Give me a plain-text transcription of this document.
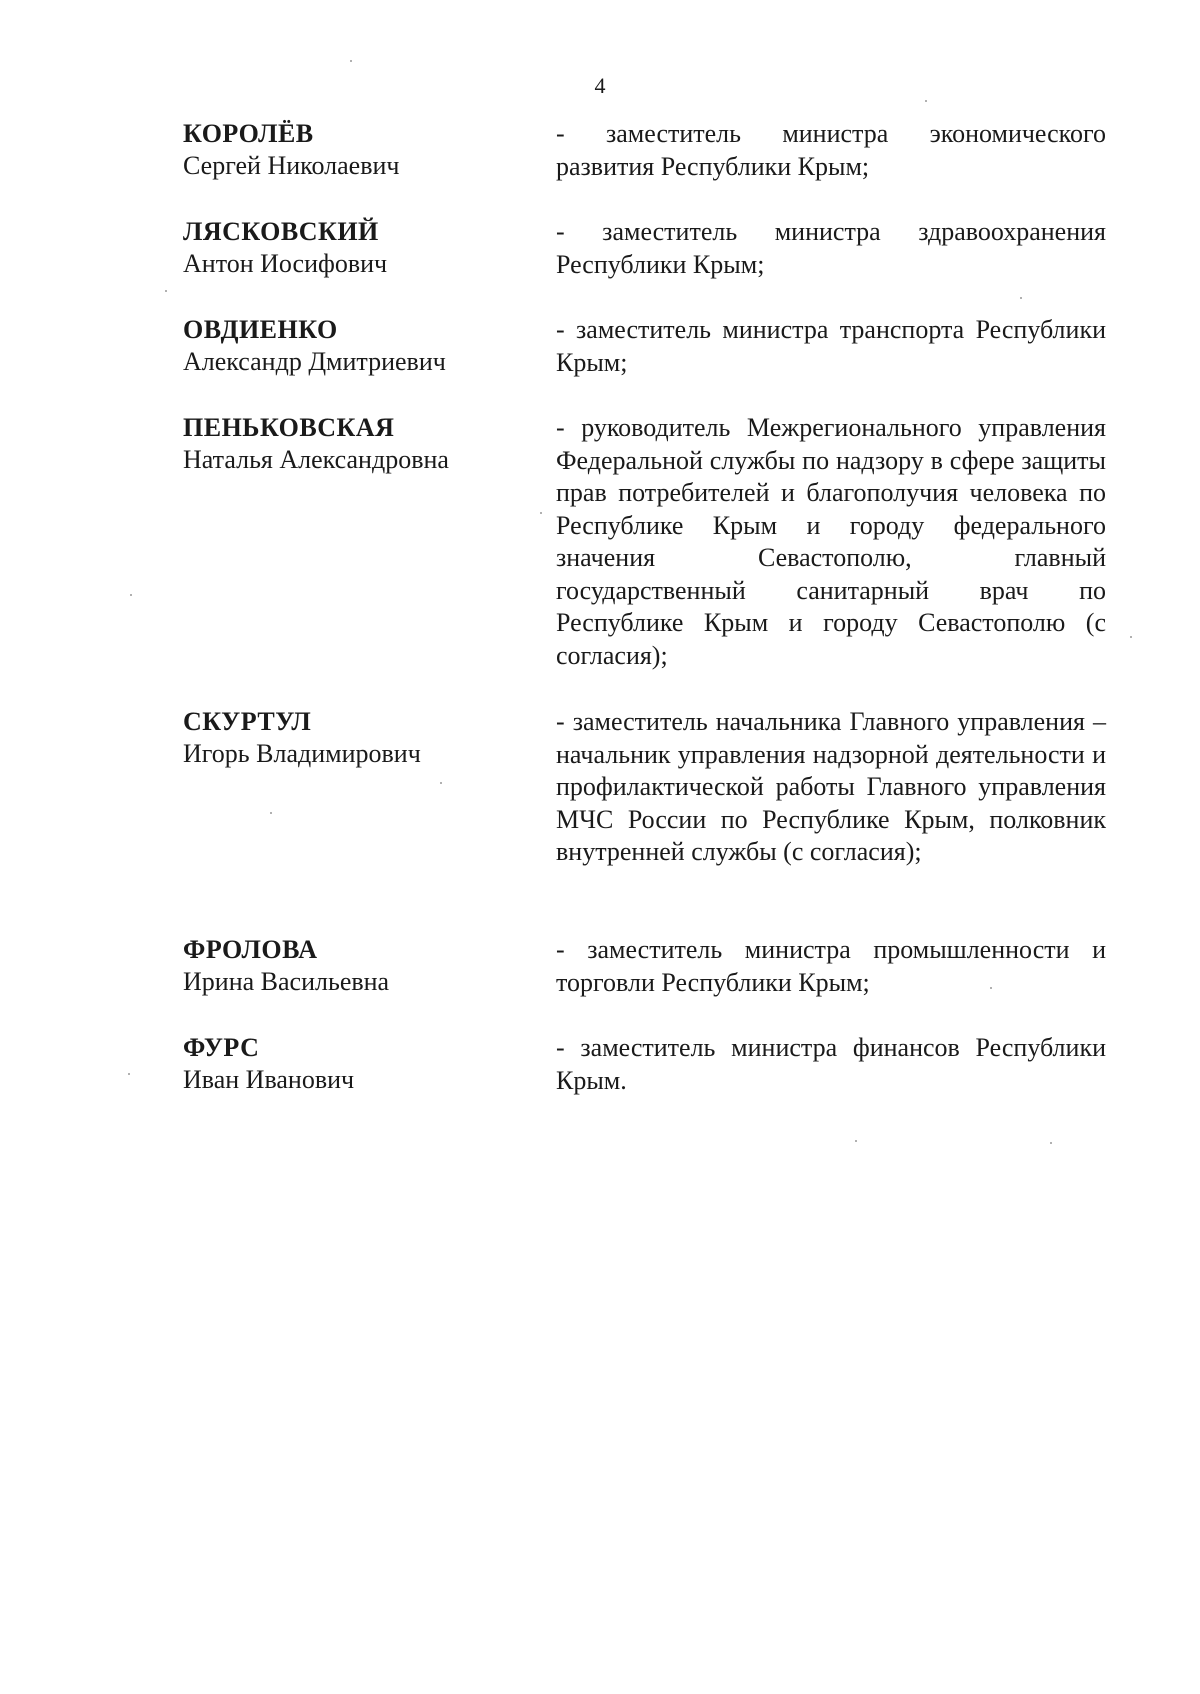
4
КОРОЛЁВ
Сергей Николаевич
- заместитель министра экономического развития Республики Крым;
ЛЯСКОВСКИЙ
Антон Иосифович
- заместитель министра здравоохранения Республики Крым;
ОВДИЕНКО
Александр Дмитриевич
- заместитель министра транспорта Республики Крым;
ПЕНЬКОВСКАЯ
Наталья Александровна
- руководитель Межрегионального управления Федеральной службы по надзору в сфере защиты прав потребителей и благополучия человека по Республике Крым и городу федерального значения Севастополю, главный государственный санитарный врач по Республике Крым и городу Севастополю (с согласия);
СКУРТУЛ
Игорь Владимирович
- заместитель начальника Главного управления – начальник управления надзорной деятельности и профилактической работы Главного управления МЧС России по Республике Крым, полковник внутренней службы (с согласия);
ФРОЛОВА
Ирина Васильевна
- заместитель министра промышленности и торговли Республики Крым;
ФУРС
Иван Иванович
- заместитель министра финансов Республики Крым.
